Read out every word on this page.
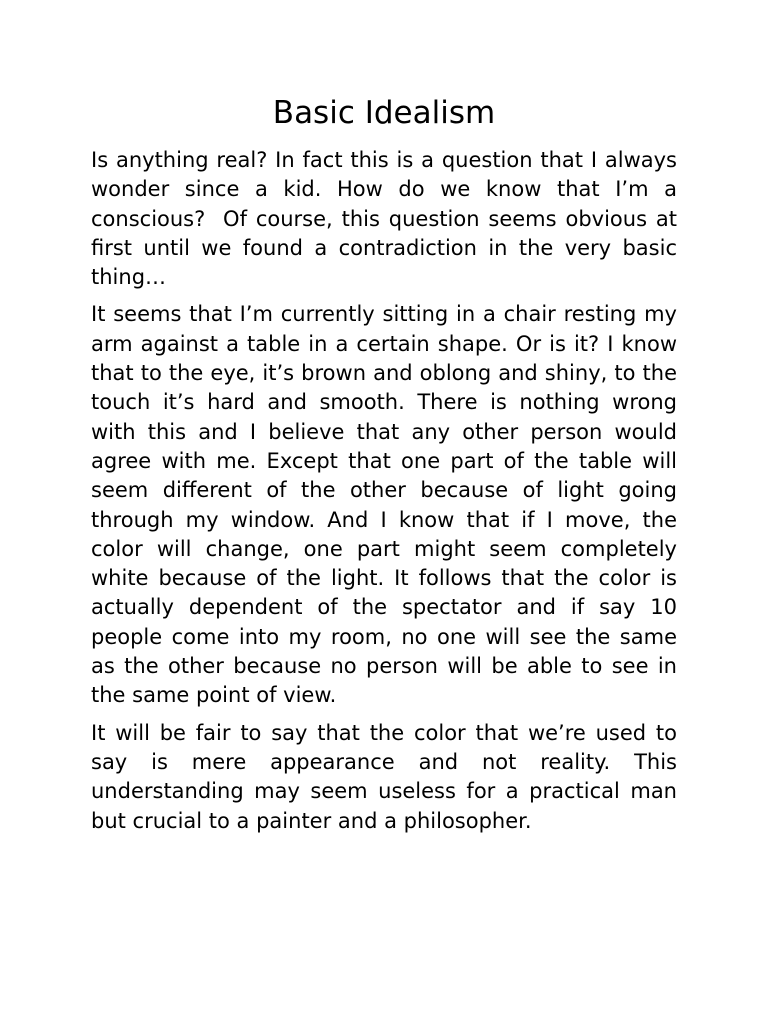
Basic Idealism

Is anything real? In fact this is a question that I always wonder since a kid. How do we know that I’m a conscious?  Of course, this question seems obvious at first until we found a contradiction in the very basic thing…

It seems that I’m currently sitting in a chair resting my arm against a table in a certain shape. Or is it? I know that to the eye, it’s brown and oblong and shiny, to the touch it’s hard and smooth. There is nothing wrong with this and I believe that any other person would agree with me. Except that one part of the table will seem different of the other because of light going through my window. And I know that if I move, the color will change, one part might seem completely white because of the light. It follows that the color is actually dependent of the spectator and if say 10 people come into my room, no one will see the same as the other because no person will be able to see in the same point of view.

It will be fair to say that the color that we’re used to say is mere appearance and not reality. This understanding may seem useless for a practical man but crucial to a painter and a philosopher.
